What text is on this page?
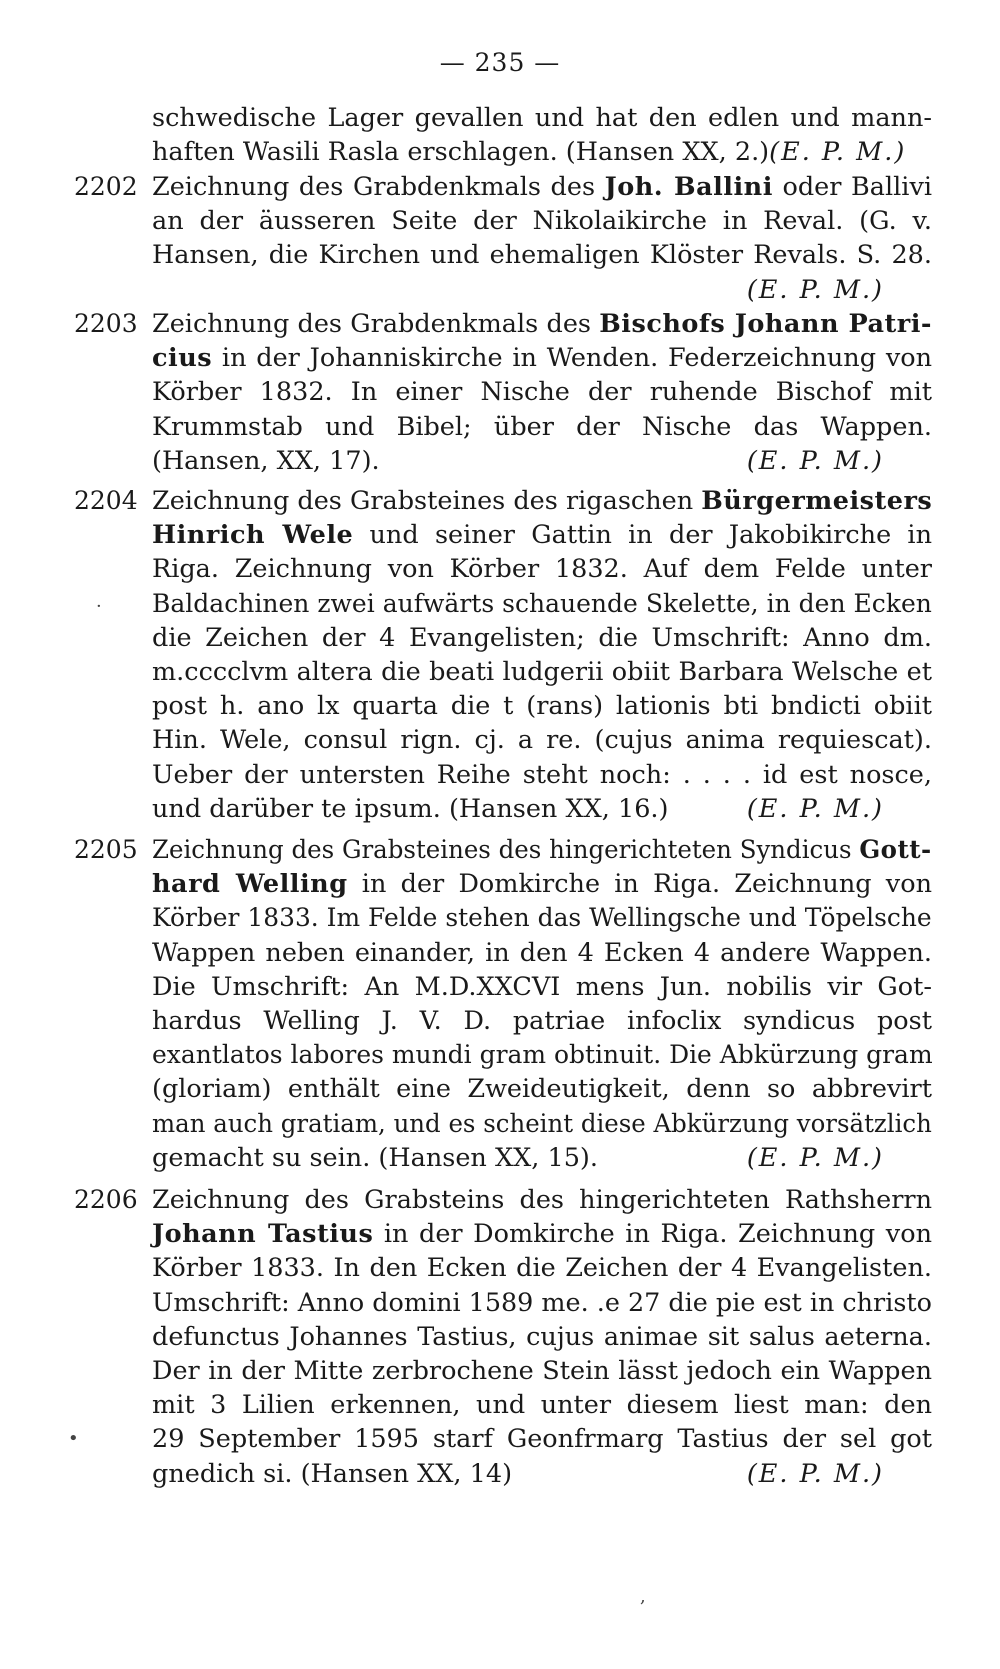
— 235 —
schwedische Lager gevallen und hat den edlen und mann-
haften Wasili Rasla erschlagen. (Hansen XX, 2.) (E. P. M.)
2202 Zeichnung des Grabdenkmals des Joh. Ballini oder Ballivi
an der äusseren Seite der Nikolaikirche in Reval. (G. v.
Hansen, die Kirchen und ehemaligen Klöster Revals. S. 28.
(E. P. M.)
2203 Zeichnung des Grabdenkmals des Bischofs Johann Patri-
cius in der Johanniskirche in Wenden. Federzeichnung von
Körber 1832. In einer Nische der ruhende Bischof mit
Krummstab und Bibel; über der Nische das Wappen.
(Hansen, XX, 17).	(E. P. M.)
2204 Zeichnung des Grabsteines des rigaschen Bürgermeisters
Hinrich Wele und seiner Gattin in der Jakobikirche in
Riga. Zeichnung von Körber 1832. Auf dem Felde unter
Baldachinen zwei aufwärts schauende Skelette, in den Ecken
die Zeichen der 4 Evangelisten; die Umschrift: Anno dm.
m.cccclvm altera die beati ludgerii obiit Barbara Welsche et
post h. ano lx quarta die t (rans) lationis bti bndicti obiit
Hin. Wele, consul rign. cj. a re. (cujus anima requiescat).
Ueber der untersten Reihe steht noch: . . . . id est nosce,
und darüber te ipsum. (Hansen XX, 16.)	(E. P. M.)
2205 Zeichnung des Grabsteines des hingerichteten Syndicus Gott-
hard Welling in der Domkirche in Riga. Zeichnung von
Körber 1833. Im Felde stehen das Wellingsche und Töpelsche
Wappen neben einander, in den 4 Ecken 4 andere Wappen.
Die Umschrift: An M.D.XXCVI mens Jun. nobilis vir Got-
hardus Welling J. V. D. patriae infoclix syndicus post
exantlatos labores mundi gram obtinuit. Die Abkürzung gram
(gloriam) enthält eine Zweideutigkeit, denn so abbrevirt
man auch gratiam, und es scheint diese Abkürzung vorsätzlich
gemacht su sein. (Hansen XX, 15).	(E. P. M.)
2206 Zeichnung des Grabsteins des hingerichteten Rathsherrn
Johann Tastius in der Domkirche in Riga. Zeichnung von
Körber 1833. In den Ecken die Zeichen der 4 Evangelisten.
Umschrift: Anno domini 1589 me. .e 27 die pie est in christo
defunctus Johannes Tastius, cujus animae sit salus aeterna.
Der in der Mitte zerbrochene Stein lässt jedoch ein Wappen
mit 3 Lilien erkennen, und unter diesem liest man: den
29 September 1595 starf Geonfrmarg Tastius der sel got
gnedich si. (Hansen XX, 14)	(E. P. M.)
·
•
,
